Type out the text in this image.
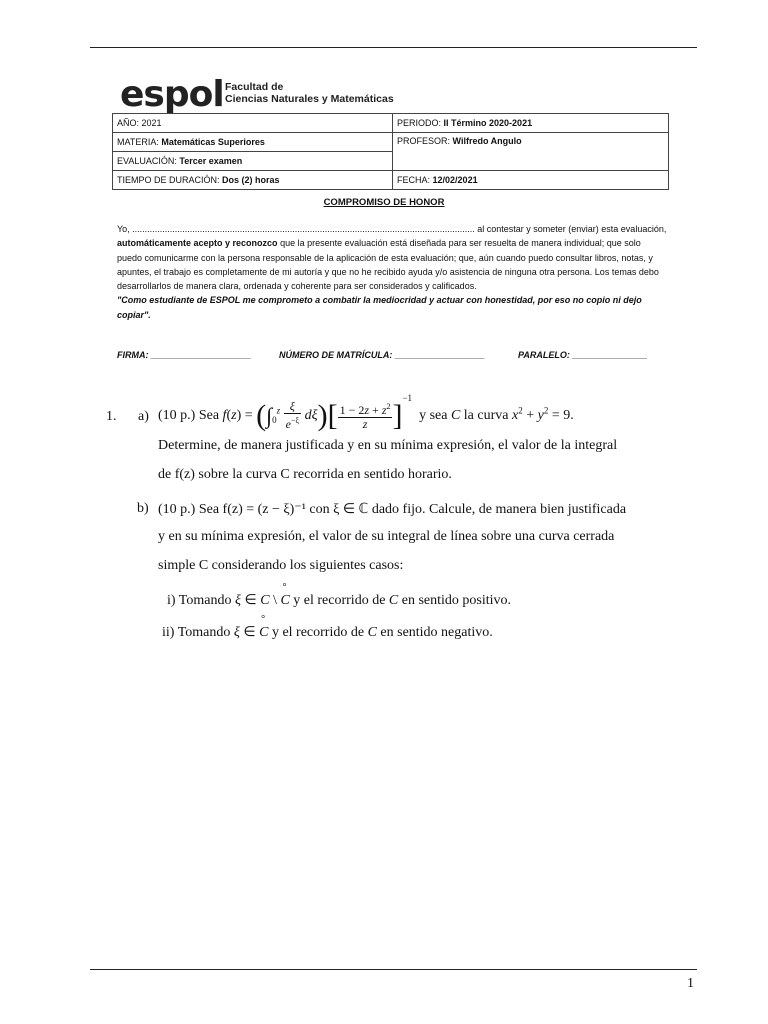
espol Facultad de
Ciencias Naturales y Matemáticas
AÑO: 2021	PERIODO: II Término 2020-2021
MATERIA: Matemáticas Superiores	PROFESOR: Wilfredo Angulo
EVALUACIÓN: Tercer examen	
TIEMPO DE DURACIÓN: Dos (2) horas	FECHA: 12/02/2021
COMPROMISO DE HONOR
Yo, ......................................................................................................................................... al contestar y someter (enviar) esta evaluación, automáticamente acepto y reconozco que la presente evaluación está diseñada para ser resuelta de manera individual; que solo puedo comunicarme con la persona responsable de la aplicación de esta evaluación; que, aún cuando puedo consultar libros, notas, y apuntes, el trabajo es completamente de mi autoría y que no he recibido ayuda y/o asistencia de ninguna otra persona. Los temas debo desarrollarlos de manera clara, ordenada y coherente para ser considerados y calificados.
"Como estudiante de ESPOL me comprometo a combatir la mediocridad y actuar con honestidad, por eso no copio ni dejo copiar".
FIRMA: ____________________	NÚMERO DE MATRÍCULA: __________________	PARALELO: _______________
1. a) (10 p.) Sea $f(z) = (\int_0^z \frac{\xi}{e^{-\xi}} d\xi)[ \frac{1 - 2z + z^2}{z} ]^{-1}$  y sea C la curva $x^2 + y^2 = 9$.
Determine, de manera justificada y en su mínima expresión, el valor de la integral
de f(z) sobre la curva C recorrida en sentido horario.
b) (10 p.) Sea f(z) = (z − ξ)⁻¹ con ξ ∈ ℂ dado fijo. Calcule, de manera bien justificada
y en su mínima expresión, el valor de su integral de línea sobre una curva cerrada
simple C considerando los siguientes casos:
i) Tomando ξ ∈ C \ ° C y el recorrido de C en sentido positivo.
ii) Tomando ξ ∈ ° C y el recorrido de C en sentido negativo.
1
